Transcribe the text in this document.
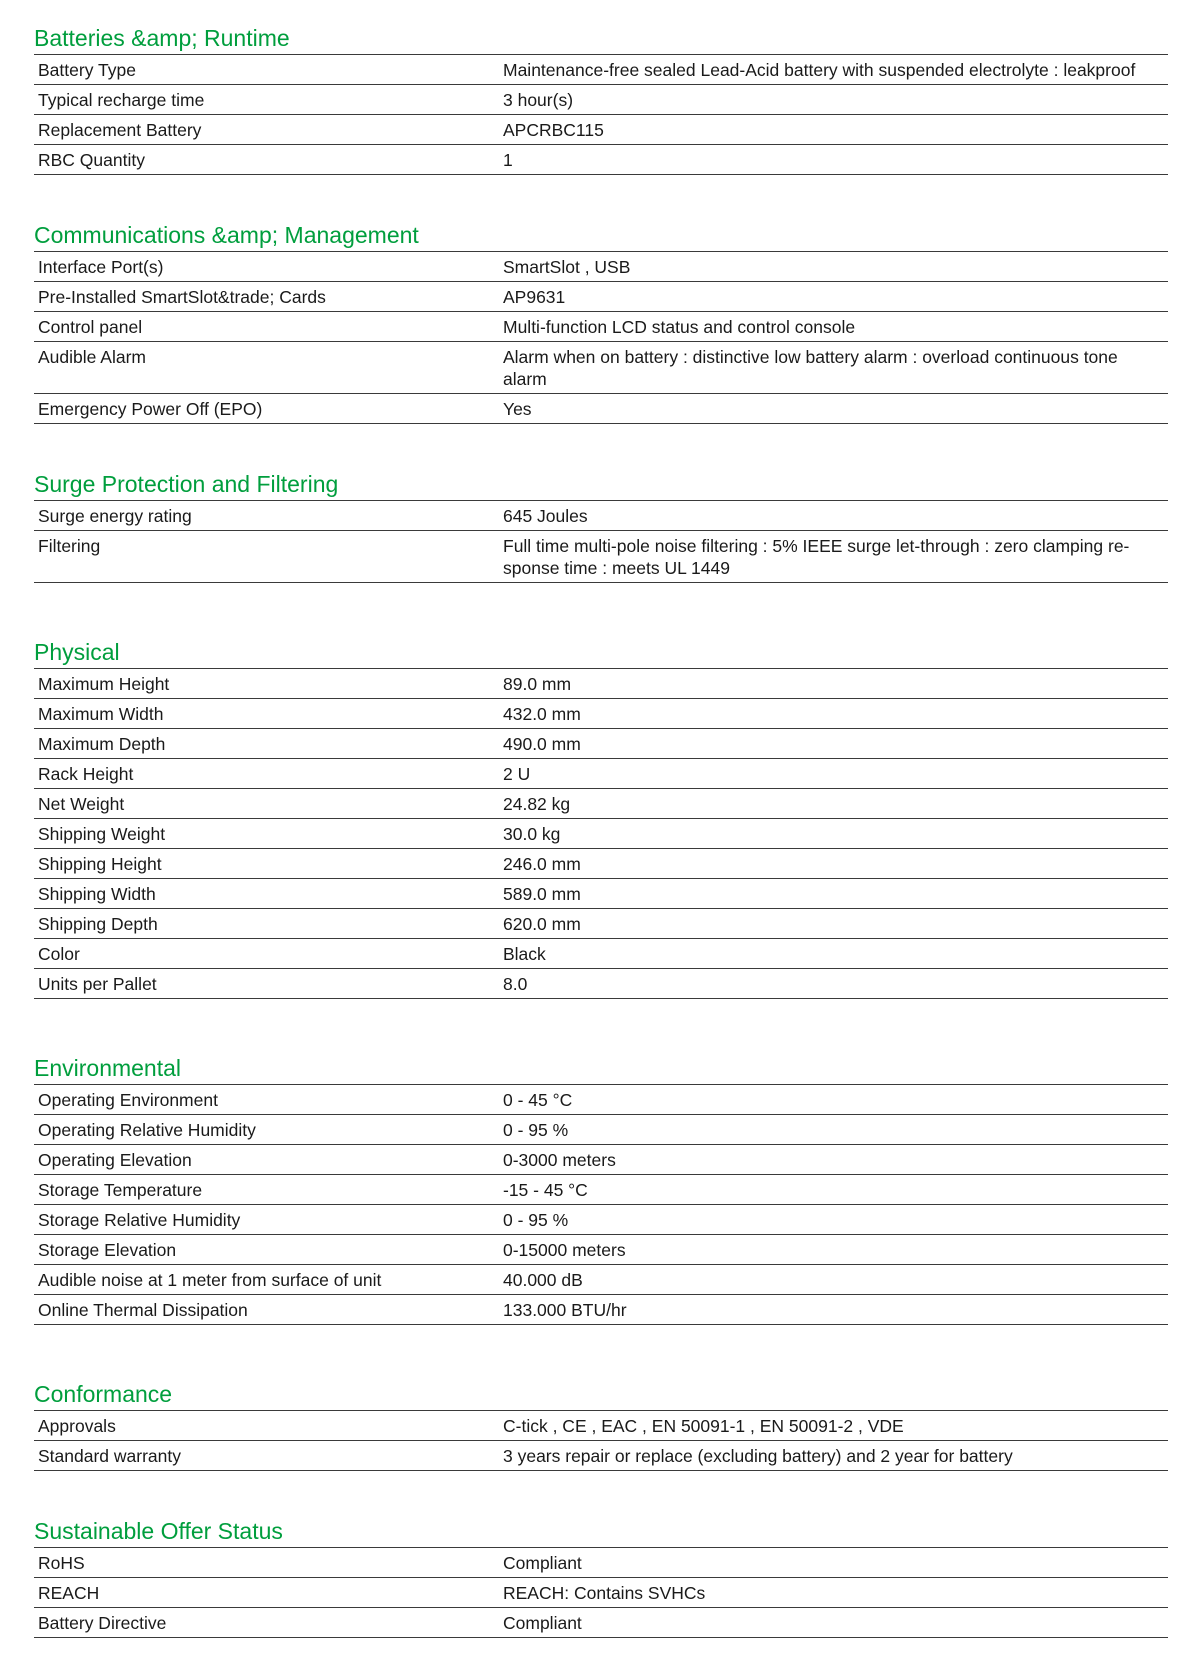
Batteries &amp; Runtime
Battery Type	Maintenance-free sealed Lead-Acid battery with suspended electrolyte : leakproof
Typical recharge time	3 hour(s)
Replacement Battery	APCRBC115
RBC Quantity	1
Communications &amp; Management
Interface Port(s)	SmartSlot , USB
Pre-Installed SmartSlot&trade; Cards	AP9631
Control panel	Multi-function LCD status and control console
Audible Alarm	Alarm when on battery : distinctive low battery alarm : overload continuous tone alarm
Emergency Power Off (EPO)	Yes
Surge Protection and Filtering
Surge energy rating	645 Joules
Filtering	Full time multi-pole noise filtering : 5% IEEE surge let-through : zero clamping re-sponse time : meets UL 1449
Physical
Maximum Height	89.0 mm
Maximum Width	432.0 mm
Maximum Depth	490.0 mm
Rack Height	2 U
Net Weight	24.82 kg
Shipping Weight	30.0 kg
Shipping Height	246.0 mm
Shipping Width	589.0 mm
Shipping Depth	620.0 mm
Color	Black
Units per Pallet	8.0
Environmental
Operating Environment	0 - 45 °C
Operating Relative Humidity	0 - 95 %
Operating Elevation	0-3000 meters
Storage Temperature	-15 - 45 °C
Storage Relative Humidity	0 - 95 %
Storage Elevation	0-15000 meters
Audible noise at 1 meter from surface of unit	40.000 dB
Online Thermal Dissipation	133.000 BTU/hr
Conformance
Approvals	C-tick , CE , EAC , EN 50091-1 , EN 50091-2 , VDE
Standard warranty	3 years repair or replace (excluding battery) and 2 year for battery
Sustainable Offer Status
RoHS	Compliant
REACH	REACH: Contains SVHCs
Battery Directive	Compliant
